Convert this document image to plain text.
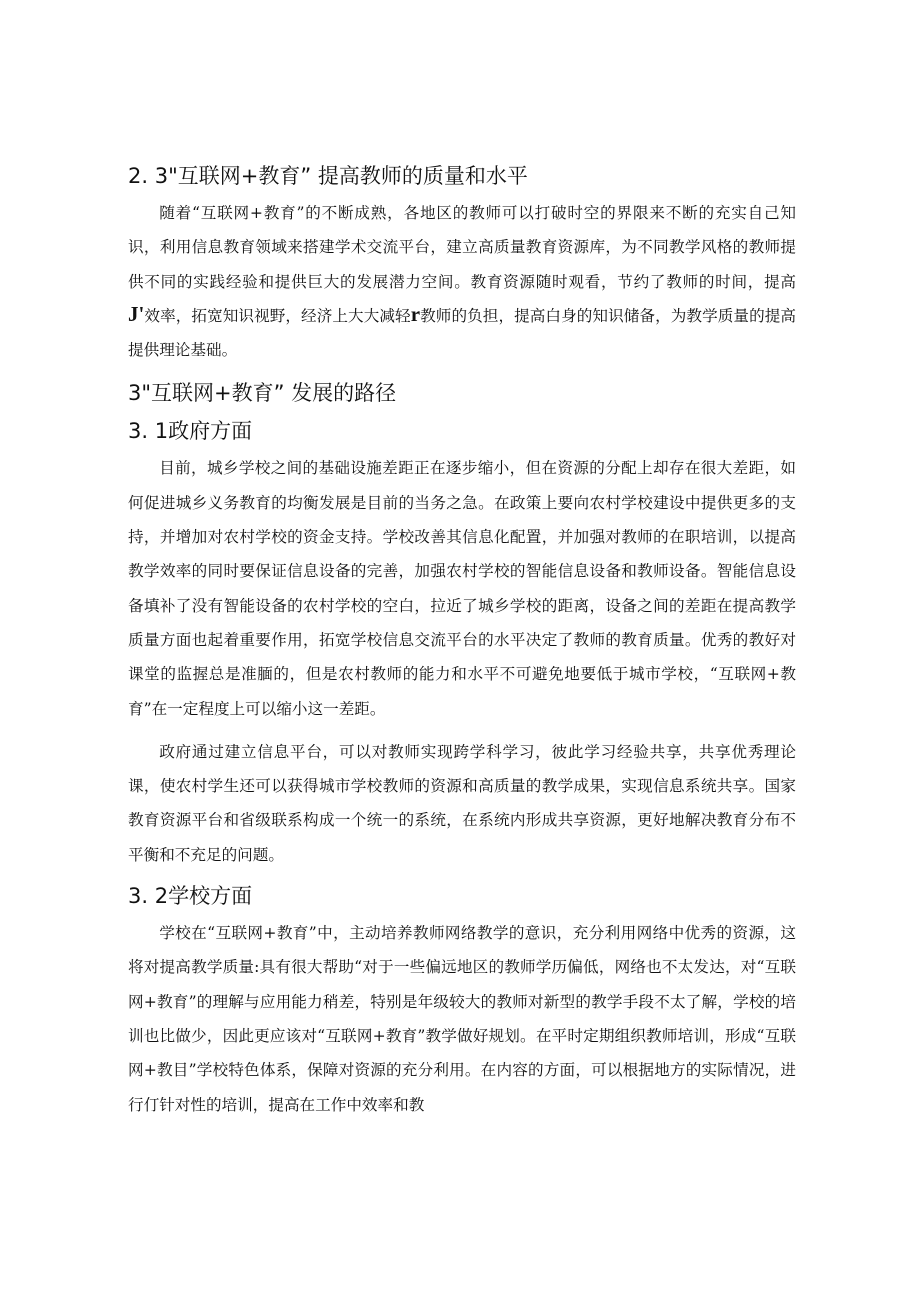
2. 3"互联网+教育” 提高教师的质量和水平

随着“互联网+教育”的不断成熟，各地区的教师可以打破时空的界限来不断的充实自己知识，利用信息教育领域来搭建学术交流平台，建立高质量教育资源库，为不同教学风格的教师提供不同的实践经验和提供巨大的发展潜力空间。教育资源随时观看，节约了教师的时间，提高J'效率，拓宽知识视野，经济上大大减轻r教师的负担，提高白身的知识储备，为教学质量的提高提供理论基础。

3"互联网+教育” 发展的路径
3. 1政府方面

目前，城乡学校之间的基础设施差距正在逐步缩小，但在资源的分配上却存在很大差距，如何促进城乡义务教育的均衡发展是目前的当务之急。在政策上要向农村学校建设中提供更多的支持，并增加对农村学校的资金支持。学校改善其信息化配置，并加强对教师的在职培训，以提高教学效率的同时要保证信息设备的完善，加强农村学校的智能信息设备和教师设备。智能信息设备填补了没有智能设备的农村学校的空白，拉近了城乡学校的距离，设备之间的差距在提高教学质量方面也起着重要作用，拓宽学校信息交流平台的水平决定了教师的教育质量。优秀的教好对课堂的监握总是准腼的，但是农村教师的能力和水平不可避免地要低于城市学校，“互联网+教育”在一定程度上可以缩小这一差距。

政府通过建立信息平台，可以对教师实现跨学科学习，彼此学习经验共享，共享优秀理论课，使农村学生还可以获得城市学校教师的资源和高质量的教学成果，实现信息系统共享。国家教育资源平台和省级联系构成一个统一的系统，在系统内形成共享资源，更好地解决教育分布不平衡和不充足的问题。

3. 2学校方面

学校在“互联网+教育”中，主动培养教师网络教学的意识，充分利用网络中优秀的资源，这将对提高教学质量:具有很大帮助“对于一些偏远地区的教师学历偏低，网络也不太发达，对“互联网+教育”的理解与应用能力稍差，特别是年级较大的教师对新型的教学手段不太了解，学校的培训也比做少，因此更应该对“互联网+教育”教学做好规划。在平时定期组织教师培训，形成“互联网+教目”学校特色体系，保障对资源的充分利用。在内容的方面，可以根据地方的实际情况，进行仃针对性的培训，提高在工作中效率和教
